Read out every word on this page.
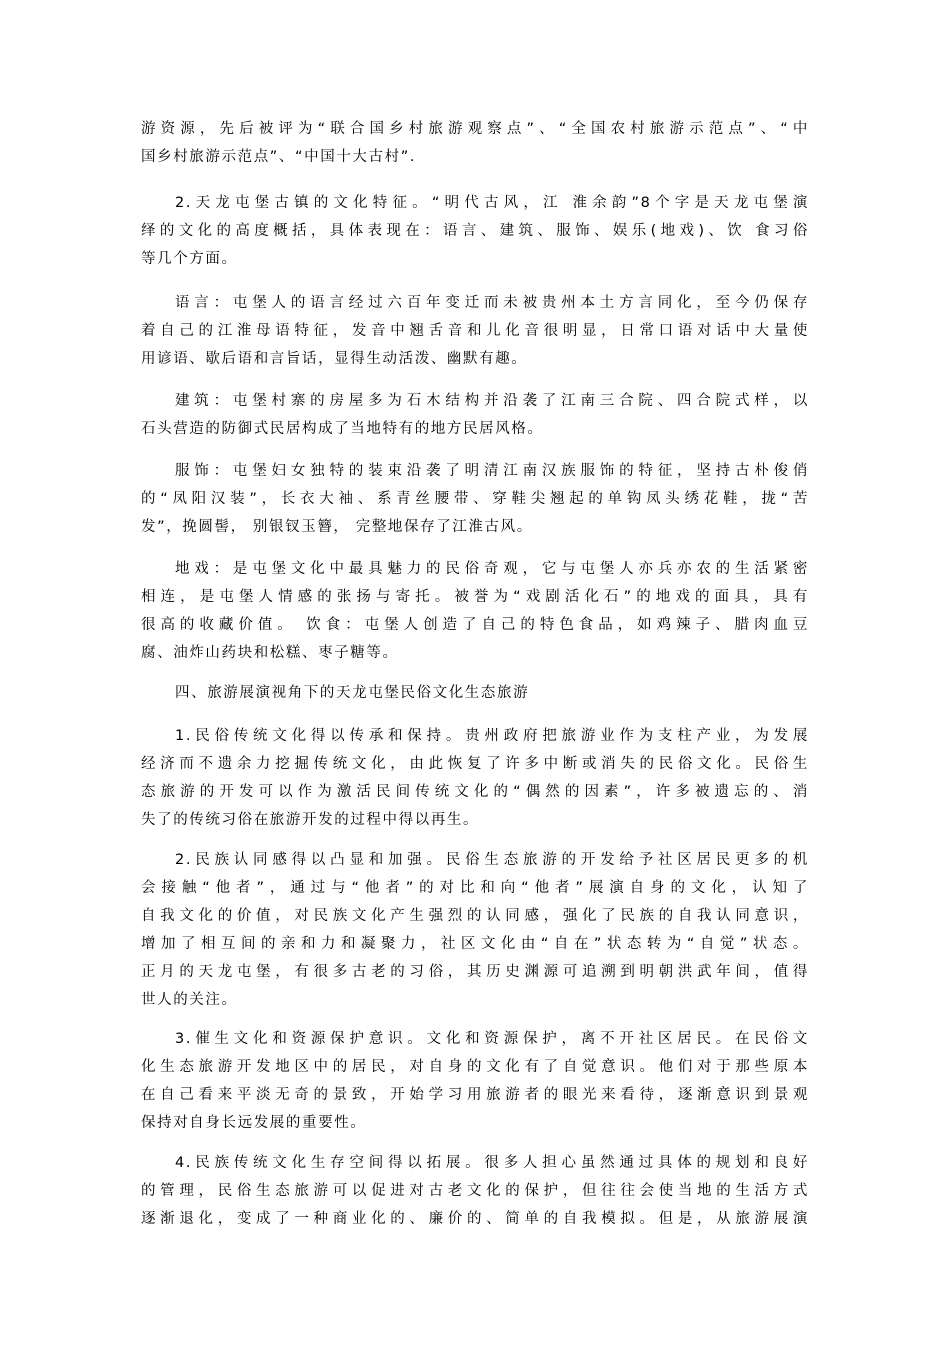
游资源，先后被评为“联合国乡村旅游观察点”、“全国农村旅游示范点”、“中
国乡村旅游示范点”、“中国十大古村”.
2.天龙屯堡古镇的文化特征。“明代古风，江 淮余韵”8个字是天龙屯堡演
绎的文化的高度概括，具体表现在：语言、建筑、服饰、娱乐(地戏)、饮 食习俗
等几个方面。
语言：屯堡人的语言经过六百年变迁而未被贵州本土方言同化，至今仍保存
着自己的江淮母语特征，发音中翘舌音和儿化音很明显，日常口语对话中大量使
用谚语、歇后语和言旨话，显得生动活泼、幽默有趣。
建筑：屯堡村寨的房屋多为石木结构并沿袭了江南三合院、四合院式样，以
石头营造的防御式民居构成了当地特有的地方民居风格。
服饰：屯堡妇女独特的装束沿袭了明清江南汉族服饰的特征，坚持古朴俊俏
的“凤阳汉装”，长衣大袖、系青丝腰带、穿鞋尖翘起的单钩凤头绣花鞋，拢“苦
发”，挽圆髻， 别银钗玉簪， 完整地保存了江淮古风。
地戏：是屯堡文化中最具魅力的民俗奇观，它与屯堡人亦兵亦农的生活紧密
相连，是屯堡人情感的张扬与寄托。被誉为“戏剧活化石”的地戏的面具，具有
很高的收藏价值。 饮食：屯堡人创造了自己的特色食品，如鸡辣子、腊肉血豆
腐、油炸山药块和松糕、枣子糖等。
四、旅游展演视角下的天龙屯堡民俗文化生态旅游
1.民俗传统文化得以传承和保持。贵州政府把旅游业作为支柱产业，为发展
经济而不遗余力挖掘传统文化，由此恢复了许多中断或消失的民俗文化。民俗生
态旅游的开发可以作为激活民间传统文化的“偶然的因素”，许多被遗忘的、消
失了的传统习俗在旅游开发的过程中得以再生。
2.民族认同感得以凸显和加强。民俗生态旅游的开发给予社区居民更多的机
会接触“他者”，通过与“他者”的对比和向“他者”展演自身的文化，认知了
自我文化的价值，对民族文化产生强烈的认同感，强化了民族的自我认同意识，
增加了相互间的亲和力和凝聚力，社区文化由“自在”状态转为“自觉”状态。
正月的天龙屯堡，有很多古老的习俗，其历史渊源可追溯到明朝洪武年间，值得
世人的关注。
3.催生文化和资源保护意识。文化和资源保护，离不开社区居民。在民俗文
化生态旅游开发地区中的居民，对自身的文化有了自觉意识。他们对于那些原本
在自己看来平淡无奇的景致，开始学习用旅游者的眼光来看待，逐渐意识到景观
保持对自身长远发展的重要性。
4.民族传统文化生存空间得以拓展。很多人担心虽然通过具体的规划和良好
的管理，民俗生态旅游可以促进对古老文化的保护，但往往会使当地的生活方式
逐渐退化，变成了一种商业化的、廉价的、简单的自我模拟。但是，从旅游展演
